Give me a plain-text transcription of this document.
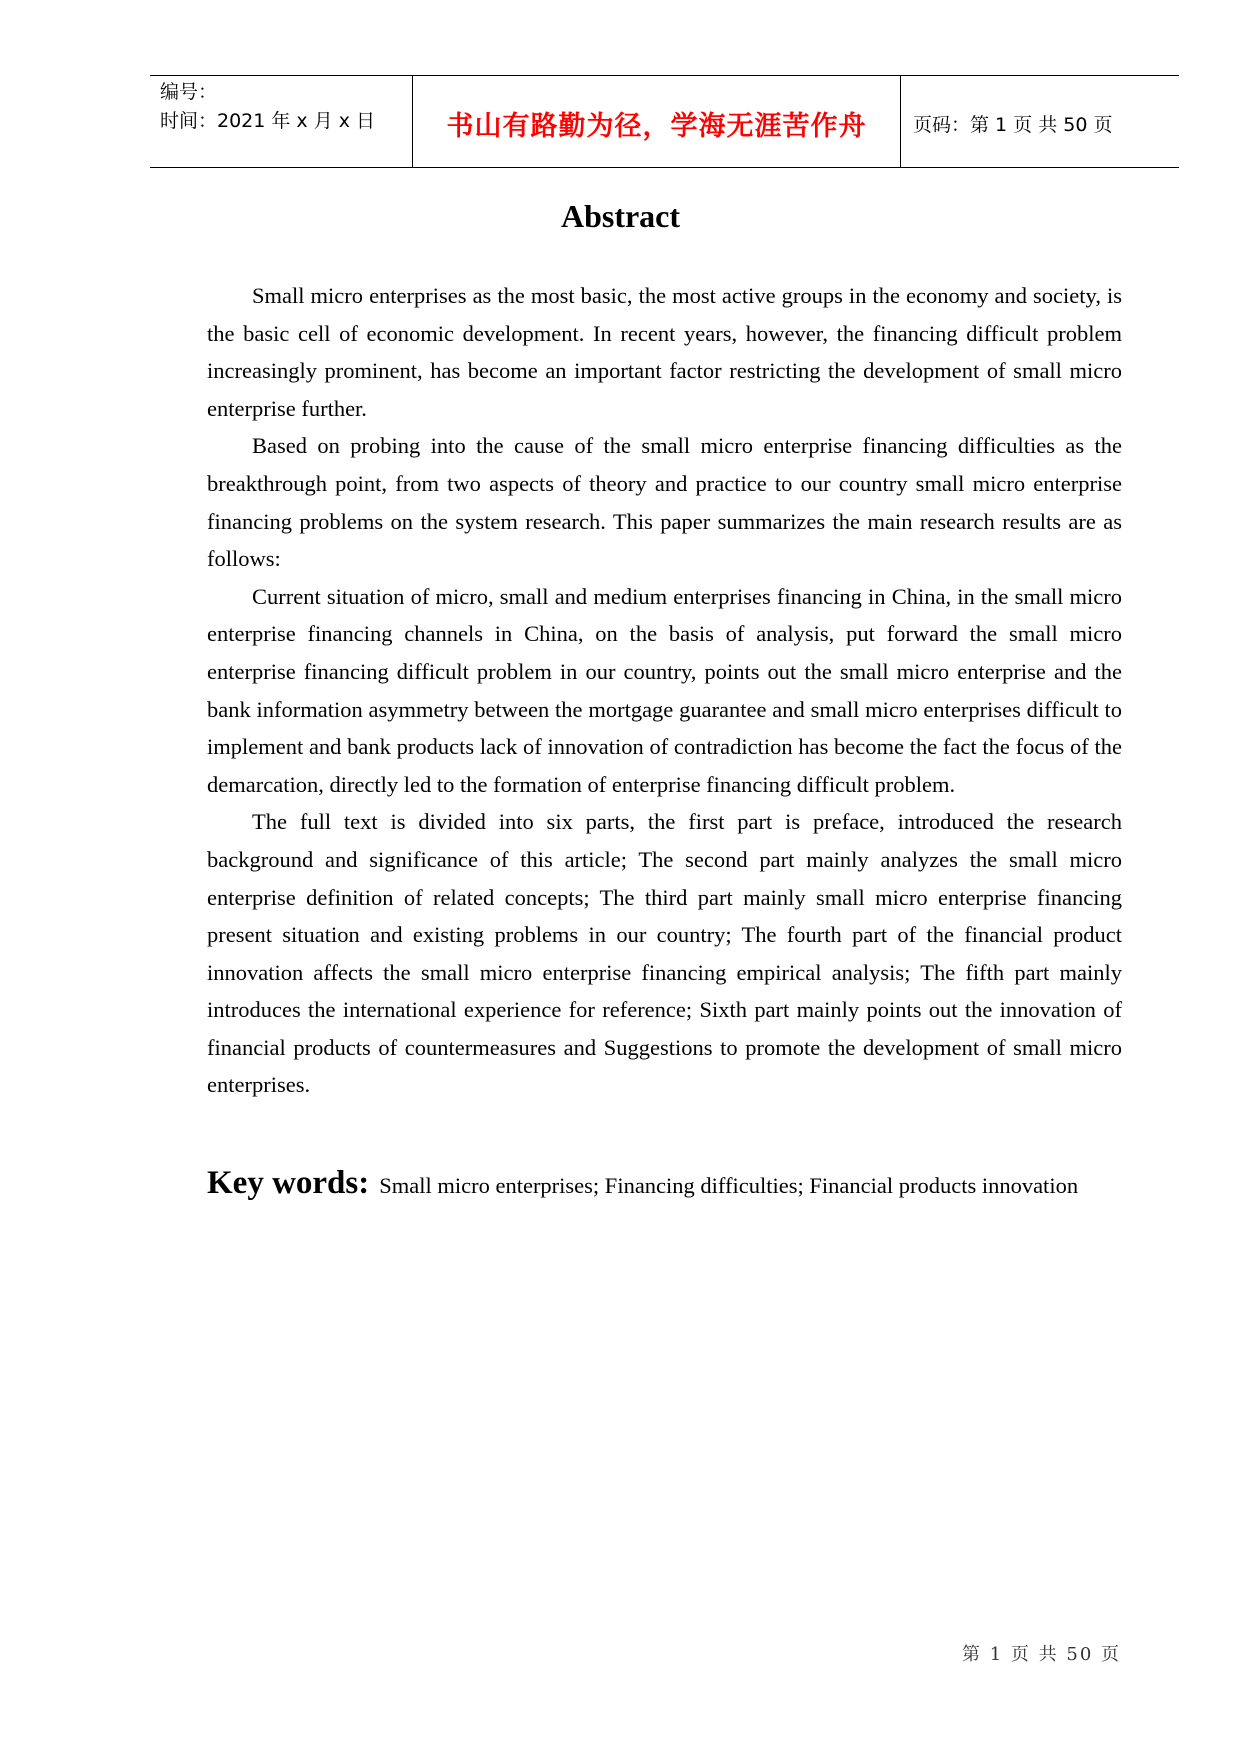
编号：
时间：2021 年 x 月 x 日	书山有路勤为径，学海无涯苦作舟 页码：第 1 页 共 50 页
Abstract

Small micro enterprises as the most basic, the most active groups in the economy and society, is the basic cell of economic development. In recent years, however, the financing difficult problem increasingly prominent, has become an important factor restricting the development of small micro enterprise further.

Based on probing into the cause of the small micro enterprise financing difficulties as the breakthrough point, from two aspects of theory and practice to our country small micro enterprise financing problems on the system research. This paper summarizes the main research results are as follows:

Current situation of micro, small and medium enterprises financing in China, in the small micro enterprise financing channels in China, on the basis of analysis, put forward the small micro enterprise financing difficult problem in our country, points out the small micro enterprise and the bank information asymmetry between the mortgage guarantee and small micro enterprises difficult to implement and bank products lack of innovation of contradiction has become the fact the focus of the demarcation, directly led to the formation of enterprise financing difficult problem.

The full text is divided into six parts, the first part is preface, introduced the research background and significance of this article; The second part mainly analyzes the small micro enterprise definition of related concepts; The third part mainly small micro enterprise financing present situation and existing problems in our country; The fourth part of the financial product innovation affects the small micro enterprise financing empirical analysis; The fifth part mainly introduces the international experience for reference; Sixth part mainly points out the innovation of financial products of countermeasures and Suggestions to promote the development of small micro enterprises.

Key words: Small micro enterprises; Financing difficulties; Financial products innovation
第 1 页 共 50 页
